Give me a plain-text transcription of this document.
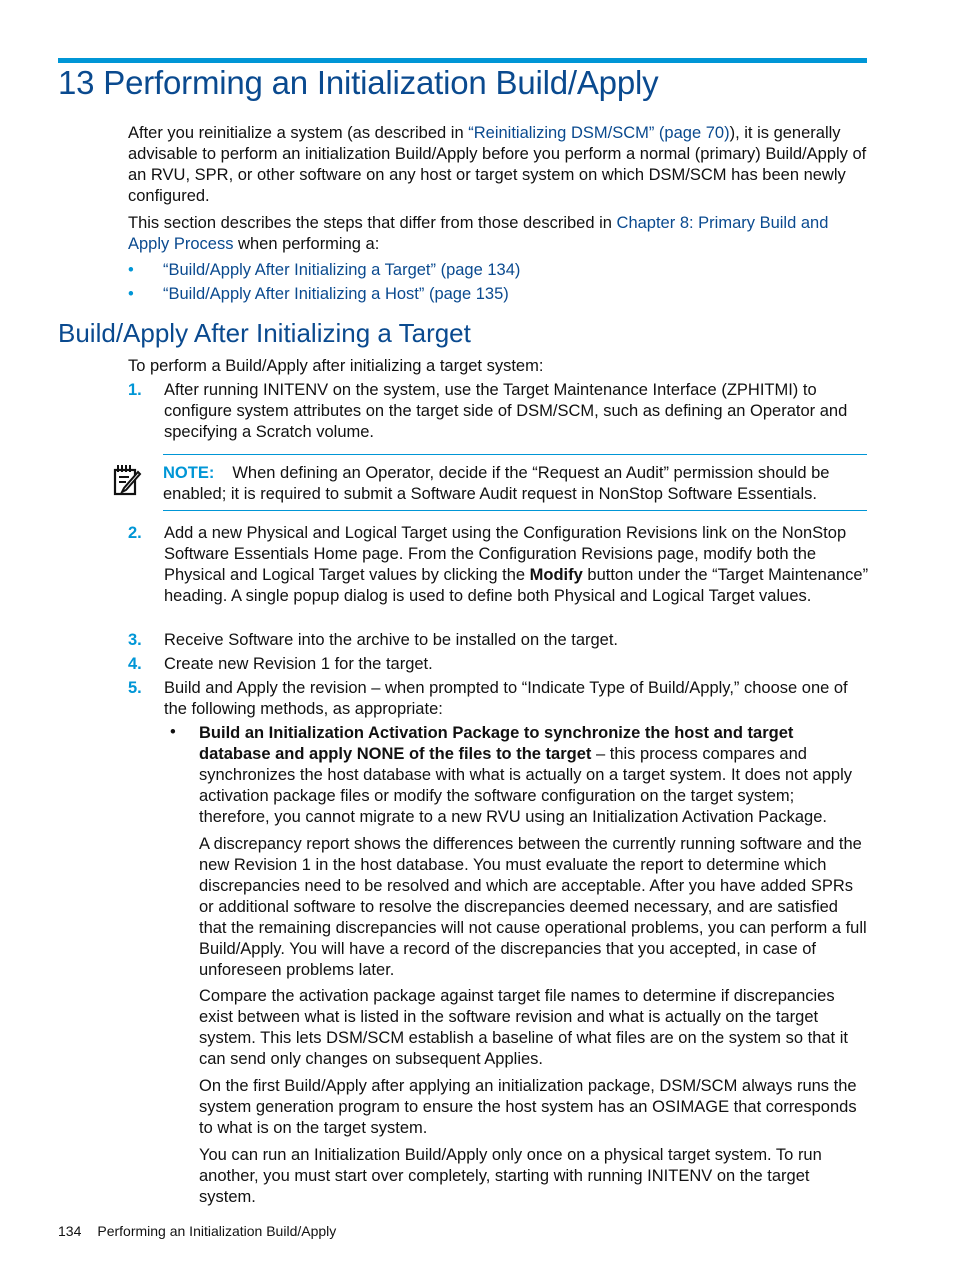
13 Performing an Initialization Build/Apply

After you reinitialize a system (as described in “Reinitializing DSM/SCM” (page 70)), it is generally advisable to perform an initialization Build/Apply before you perform a normal (primary) Build/Apply of an RVU, SPR, or other software on any host or target system on which DSM/SCM has been newly configured.

This section describes the steps that differ from those described in Chapter 8: Primary Build and Apply Process when performing a:

• “Build/Apply After Initializing a Target” (page 134)
• “Build/Apply After Initializing a Host” (page 135)
Build/Apply After Initializing a Target

To perform a Build/Apply after initializing a target system:

1. After running INITENV on the system, use the Target Maintenance Interface (ZPHITMI) to configure system attributes on the target side of DSM/SCM, such as defining an Operator and specifying a Scratch volume.
NOTE: When defining an Operator, decide if the “Request an Audit” permission should be enabled; it is required to submit a Software Audit request in NonStop Software Essentials.
2. Add a new Physical and Logical Target using the Configuration Revisions link on the NonStop Software Essentials Home page. From the Configuration Revisions page, modify both the Physical and Logical Target values by clicking the Modify button under the “Target Maintenance” heading. A single popup dialog is used to define both Physical and Logical Target values.
3. Receive Software into the archive to be installed on the target.
4. Create new Revision 1 for the target.
5. Build and Apply the revision – when prompted to “Indicate Type of Build/Apply,” choose one of the following methods, as appropriate:
• Build an Initialization Activation Package to synchronize the host and target database and apply NONE of the files to the target – this process compares and synchronizes the host database with what is actually on a target system. It does not apply activation package files or modify the software configuration on the target system; therefore, you cannot migrate to a new RVU using an Initialization Activation Package.
A discrepancy report shows the differences between the currently running software and the new Revision 1 in the host database. You must evaluate the report to determine which discrepancies need to be resolved and which are acceptable. After you have added SPRs or additional software to resolve the discrepancies deemed necessary, and are satisfied that the remaining discrepancies will not cause operational problems, you can perform a full Build/Apply. You will have a record of the discrepancies that you accepted, in case of unforeseen problems later.
Compare the activation package against target file names to determine if discrepancies exist between what is listed in the software revision and what is actually on the target system. This lets DSM/SCM establish a baseline of what files are on the system so that it can send only changes on subsequent Applies.
On the first Build/Apply after applying an initialization package, DSM/SCM always runs the system generation program to ensure the host system has an OSIMAGE that corresponds to what is on the target system.
You can run an Initialization Build/Apply only once on a physical target system. To run another, you must start over completely, starting with running INITENV on the target system.
134 Performing an Initialization Build/Apply
